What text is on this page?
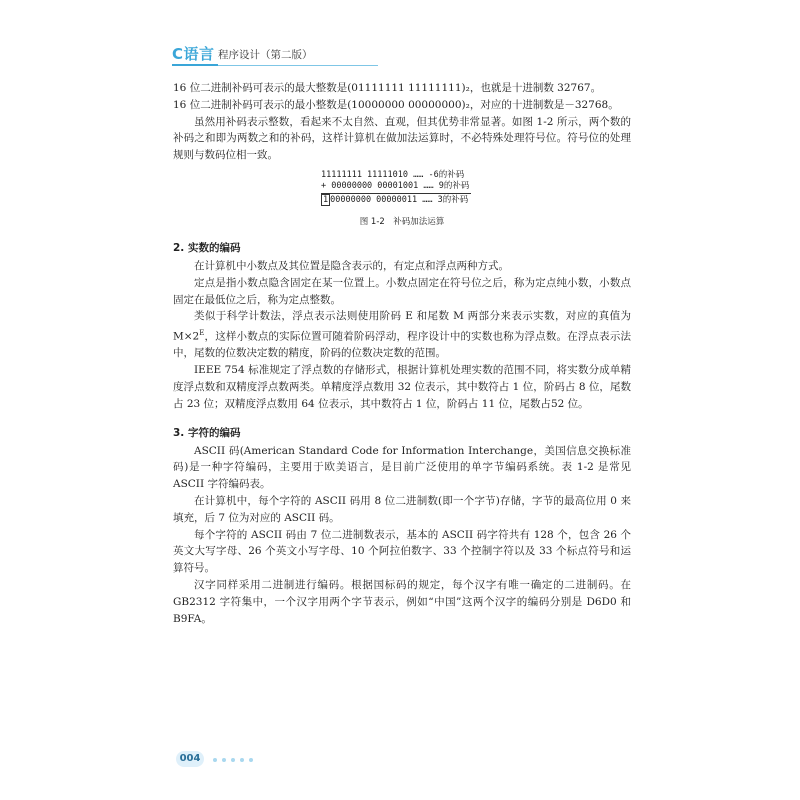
C语言 程序设计（第二版）

16 位二进制补码可表示的最大整数是(01111111 11111111)₂，也就是十进制数 32767。

16 位二进制补码可表示的最小整数是(10000000 00000000)₂，对应的十进制数是－32768。

虽然用补码表示整数，看起来不太自然、直观，但其优势非常显著。如图 1-2 所示，两个数的补码之和即为两数之和的补码，这样计算机在做加法运算时，不必特殊处理符号位。符号位的处理规则与数码位相一致。

11111111 11111010 …… -6的补码
+ 00000000 00001001 …… 9的补码
1 00000000 00000011 …… 3的补码
图 1-2　补码加法运算
2. 实数的编码

在计算机中小数点及其位置是隐含表示的，有定点和浮点两种方式。

定点是指小数点隐含固定在某一位置上。小数点固定在符号位之后，称为定点纯小数，小数点固定在最低位之后，称为定点整数。

类似于科学计数法，浮点表示法则使用阶码 E 和尾数 M 两部分来表示实数，对应的真值为 $M\times 2^E$，这样小数点的实际位置可随着阶码浮动，程序设计中的实数也称为浮点数。在浮点表示法中，尾数的位数决定数的精度，阶码的位数决定数的范围。

IEEE 754 标准规定了浮点数的存储形式，根据计算机处理实数的范围不同，将实数分成单精度浮点数和双精度浮点数两类。单精度浮点数用 32 位表示，其中数符占 1 位，阶码占 8 位，尾数占 23 位；双精度浮点数用 64 位表示，其中数符占 1 位，阶码占 11 位，尾数占52 位。

3. 字符的编码

ASCII 码(American Standard Code for Information Interchange，美国信息交换标准码)是一种字符编码，主要用于欧美语言，是目前广泛使用的单字节编码系统。表 1-2 是常见 ASCII 字符编码表。

在计算机中，每个字符的 ASCII 码用 8 位二进制数(即一个字节)存储，字节的最高位用 0 来填充，后 7 位为对应的 ASCII 码。

每个字符的 ASCII 码由 7 位二进制数表示，基本的 ASCII 码字符共有 128 个，包含 26 个英文大写字母、26 个英文小写字母、10 个阿拉伯数字、33 个控制字符以及 33 个标点符号和运算符号。

汉字同样采用二进制进行编码。根据国标码的规定，每个汉字有唯一确定的二进制码。在 GB2312 字符集中，一个汉字用两个字节表示，例如“中国”这两个汉字的编码分别是 D6D0 和 B9FA。

004
